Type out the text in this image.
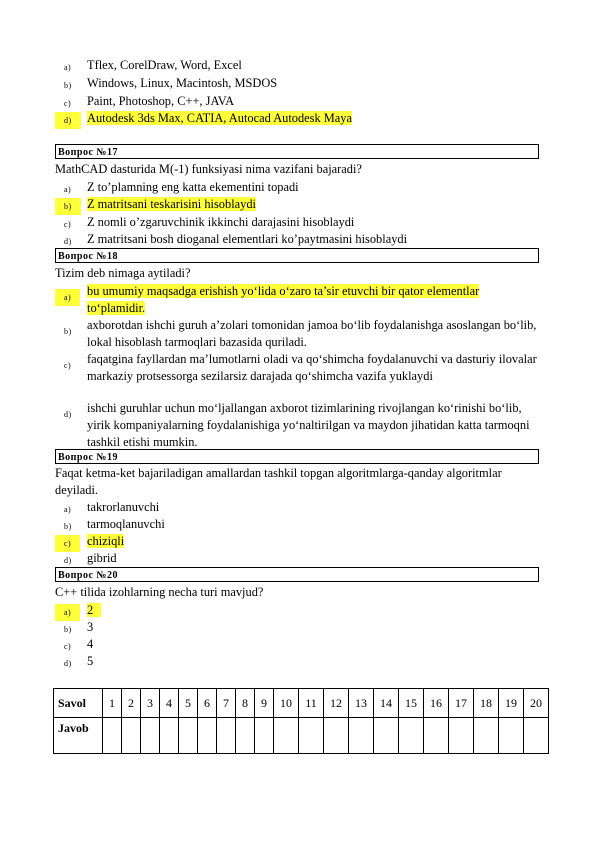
a) Tflex, CorelDraw, Word, Excel
b) Windows, Linux, Macintosh, MSDOS
c) Paint, Photoshop, C++, JAVA
d)	Autodesk 3ds Max, CATIA, Autocad Autodesk Maya
Вопрос №17
MathCAD dasturida M(-1) funksiyasi nima vazifani bajaradi?
a) Z to’plamning eng katta ekementini topadi
b)	Z matritsani teskarisini hisoblaydi
c) Z nomli o’zgaruvchinik ikkinchi darajasini hisoblaydi
d) Z matritsani bosh dioganal elementlari ko’paytmasini hisoblaydi
Вопрос №18
Tizim deb nimaga aytiladi?
a)	bu umumiy maqsadga erishish yo‘lida o‘zaro ta’sir etuvchi bir qator elementlar to‘plamidir.
b) axborotdan ishchi guruh a’zolari tomonidan jamoa bo‘lib foydalanishga asoslangan bo‘lib, lokal hisoblash tarmoqlari bazasida quriladi.
c) faqatgina fayllardan ma’lumotlarni oladi va qo‘shimcha foydalanuvchi va dasturiy ilovalar markaziy protsessorga sezilarsiz darajada qo‘shimcha vazifa yuklaydi
d) ishchi guruhlar uchun mo‘ljallangan axborot tizimlarining rivojlangan ko‘rinishi bo‘lib, yirik kompaniyalarning foydalanishiga yo‘naltirilgan va maydon jihatidan katta tarmoqni tashkil etishi mumkin.
Вопрос №19
Faqat ketma-ket bajariladigan amallardan tashkil topgan algoritmlarga-qanday algoritmlar deyiladi.
a) takrorlanuvchi
b) tarmoqlanuvchi
c)	chiziqli
d) gibrid
Вопрос №20
C++ tilida izohlarning necha turi mavjud?
a)	2
b) 3
c) 4
d) 5
Savol	1	2	3	4	5	6	7	8	9	10	11	12	13	14	15	16	17	18	19	20
Javob																				
